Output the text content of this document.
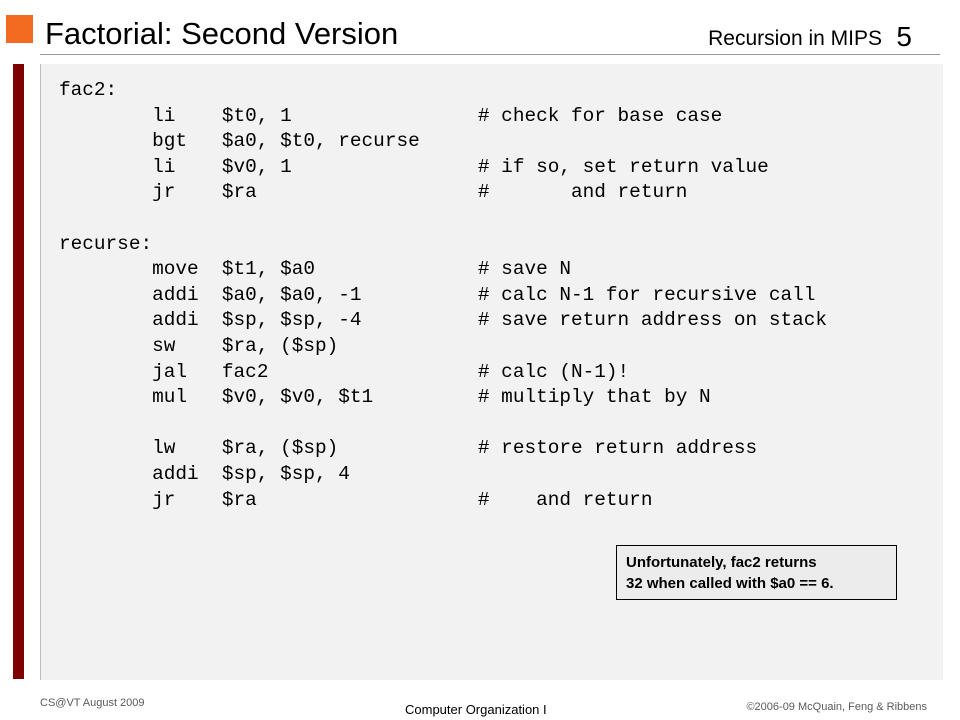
Factorial: Second Version	Recursion in MIPS 5
fac2:
li    $t0, 1                # check for base case
bgt   $a0, $t0, recurse
li    $v0, 1                # if so, set return value
jr    $ra                   #       and return
recurse:
move  $t1, $a0              # save N
addi  $a0, $a0, -1          # calc N-1 for recursive call
addi  $sp, $sp, -4          # save return address on stack
sw    $ra, ($sp)
jal   fac2                  # calc (N-1)!
mul   $v0, $v0, $t1         # multiply that by N
lw    $ra, ($sp)            # restore return address
addi  $sp, $sp, 4
jr    $ra                   #    and return
Unfortunately, fac2 returns
32 when called with $a0 == 6.
CS@VT August 2009	Computer Organization I	©2006-09 McQuain, Feng & Ribbens
